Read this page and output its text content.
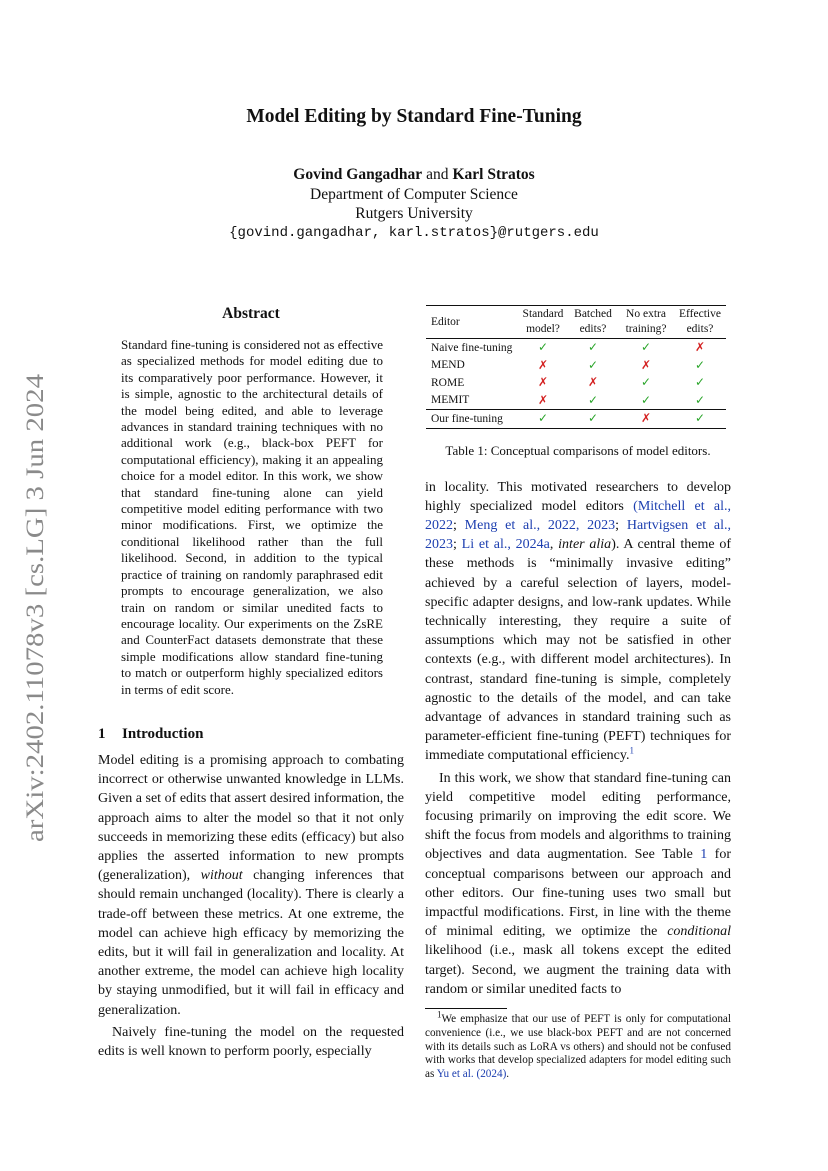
arXiv:2402.11078v3 [cs.LG] 3 Jun 2024
Model Editing by Standard Fine-Tuning
Govind Gangadhar and Karl Stratos
Department of Computer Science
Rutgers University
{govind.gangadhar, karl.stratos}@rutgers.edu
Abstract

Standard fine-tuning is considered not as effective as specialized methods for model editing due to its comparatively poor performance. However, it is simple, agnostic to the architectural details of the model being edited, and able to leverage advances in standard training techniques with no additional work (e.g., black-box PEFT for computational efficiency), making it an appealing choice for a model editor. In this work, we show that standard fine-tuning alone can yield competitive model editing performance with two minor modifications. First, we optimize the conditional likelihood rather than the full likelihood. Second, in addition to the typical practice of training on randomly paraphrased edit prompts to encourage generalization, we also train on random or similar unedited facts to encourage locality. Our experiments on the ZsRE and CounterFact datasets demonstrate that these simple modifications allow standard fine-tuning to match or outperform highly specialized editors in terms of edit score.

1 Introduction

Model editing is a promising approach to combating incorrect or otherwise unwanted knowledge in LLMs. Given a set of edits that assert desired information, the approach aims to alter the model so that it not only succeeds in memorizing these edits (efficacy) but also applies the asserted information to new prompts (generalization), without changing inferences that should remain unchanged (locality). There is clearly a trade-off between these metrics. At one extreme, the model can achieve high efficacy by memorizing the edits, but it will fail in generalization and locality. At another extreme, the model can achieve high locality by staying unmodified, but it will fail in efficacy and generalization.

Naively fine-tuning the model on the requested edits is well known to perform poorly, especially

Editor	Standard model?	Batched edits?	No extra training?	Effective edits?
Naive fine-tuning	✓	✓	✓	✗
MEND	✗	✓	✗	✓
ROME	✗	✗	✓	✓
MEMIT	✗	✓	✓	✓
Our fine-tuning	✓	✓	✗	✓
Table 1: Conceptual comparisons of model editors.

in locality. This motivated researchers to develop highly specialized model editors (Mitchell et al., 2022; Meng et al., 2022, 2023; Hartvigsen et al., 2023; Li et al., 2024a, inter alia). A central theme of these methods is “minimally invasive editing” achieved by a careful selection of layers, model-specific adapter designs, and low-rank updates. While technically interesting, they require a suite of assumptions which may not be satisfied in other contexts (e.g., with different model architectures). In contrast, standard fine-tuning is simple, completely agnostic to the details of the model, and can take advantage of advances in standard training such as parameter-efficient fine-tuning (PEFT) techniques for immediate computational efficiency.$^1$

In this work, we show that standard fine-tuning can yield competitive model editing performance, focusing primarily on improving the edit score. We shift the focus from models and algorithms to training objectives and data augmentation. See Table 1 for conceptual comparisons between our approach and other editors. Our fine-tuning uses two small but impactful modifications. First, in line with the theme of minimal editing, we optimize the conditional likelihood (i.e., mask all tokens except the edited target). Second, we augment the training data with random or similar unedited facts to

$^1$We emphasize that our use of PEFT is only for computational convenience (i.e., we use black-box PEFT and are not concerned with its details such as LoRA vs others) and should not be confused with works that develop specialized adapters for model editing such as Yu et al. (2024).
